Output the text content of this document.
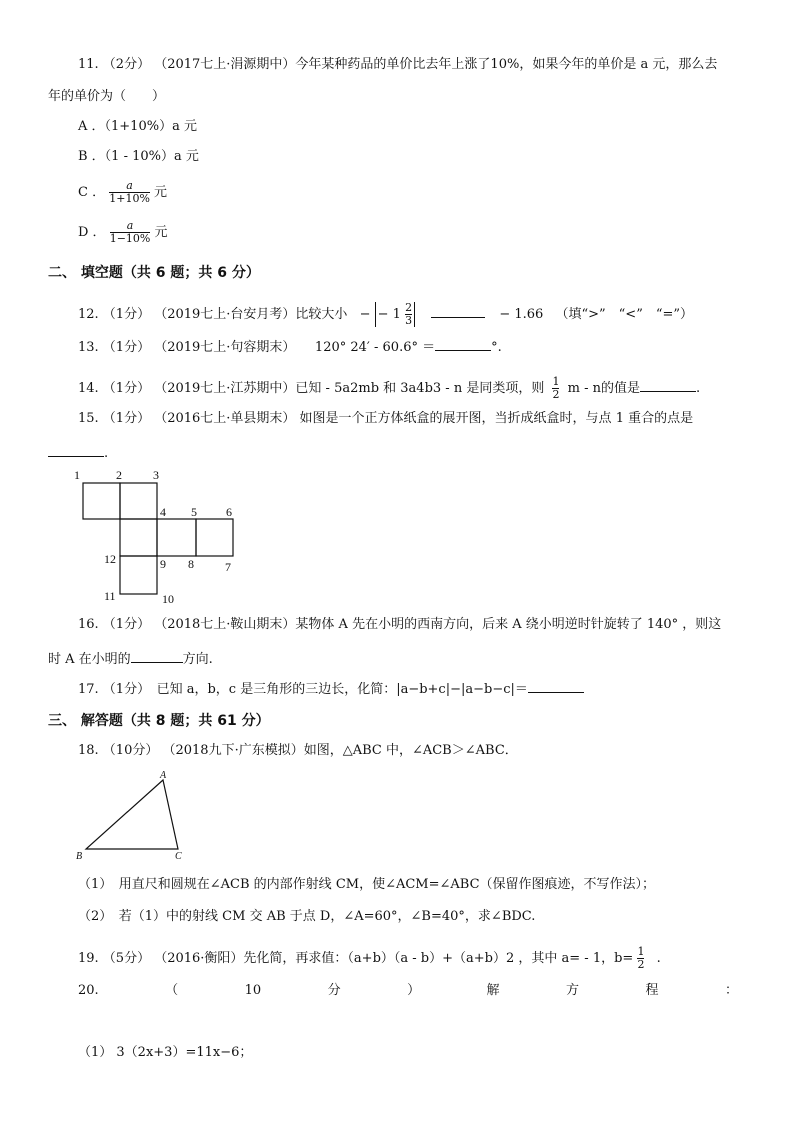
11. （2分） （2017七上·涓源期中）今年某种药品的单价比去年上涨了10%，如果今年的单价是 a 元，那么去
年的单价为（　　）
A ．（1+10%）a 元
B ．（1 - 10%）a 元
C ． $\frac{a}{1+10\%}$ 元
D ． $\frac{a}{1-10\%}$ 元
二、 填空题（共 6 题；共 6 分）
12. （1分） （2019七上·台安月考）比较大小 − − $1 \frac{2}{3}$	− 1.66 （填“>”　“<”　“=”）
13. （1分） （2019七上·句容期末）　　120° 24′ - 60.6° ＝	°.
14. （1分） （2019七上·江苏期中）已知 - 5a2mb 和 3a4b3 - n 是同类项，则 $\frac{1}{2}$ m - n的值是	.
15. （1分） （2016七上·单县期末） 如图是一个正方体纸盒的展开图，当折成纸盒时，与点 1 重合的点是
.
1	2	3
4 5 6
12	9 8	7
11	10
16. （1分） （2018七上·鞍山期末）某物体 A 先在小明的西南方向，后来 A 绕小明逆时针旋转了 140° ，则这
时 A 在小明的	方向.
17. （1分）　已知 a，b，c 是三角形的三边长，化简：|a−b+c|−|a−b−c|＝
三、 解答题（共 8 题；共 61 分）
18. （10分） （2018九下·广东模拟）如图，△ABC 中，∠ACB＞∠ABC．
A
B	C
（1）　用直尺和圆规在∠ACB 的内部作射线 CM，使∠ACM=∠ABC（保留作图痕迹，不写作法）；
（2）　若（1）中的射线 CM 交 AB 于点 D，∠A=60°，∠B=40°，求∠BDC.
19. （5分） （2016·衡阳）先化简，再求值：（a+b）（a - b）+（a+b）2 ，其中 a= - 1，$b= \frac{1}{2}$ .
20.	（	10	分	）	解	方	程	：
（1） 3（2x+3）=11x−6；
